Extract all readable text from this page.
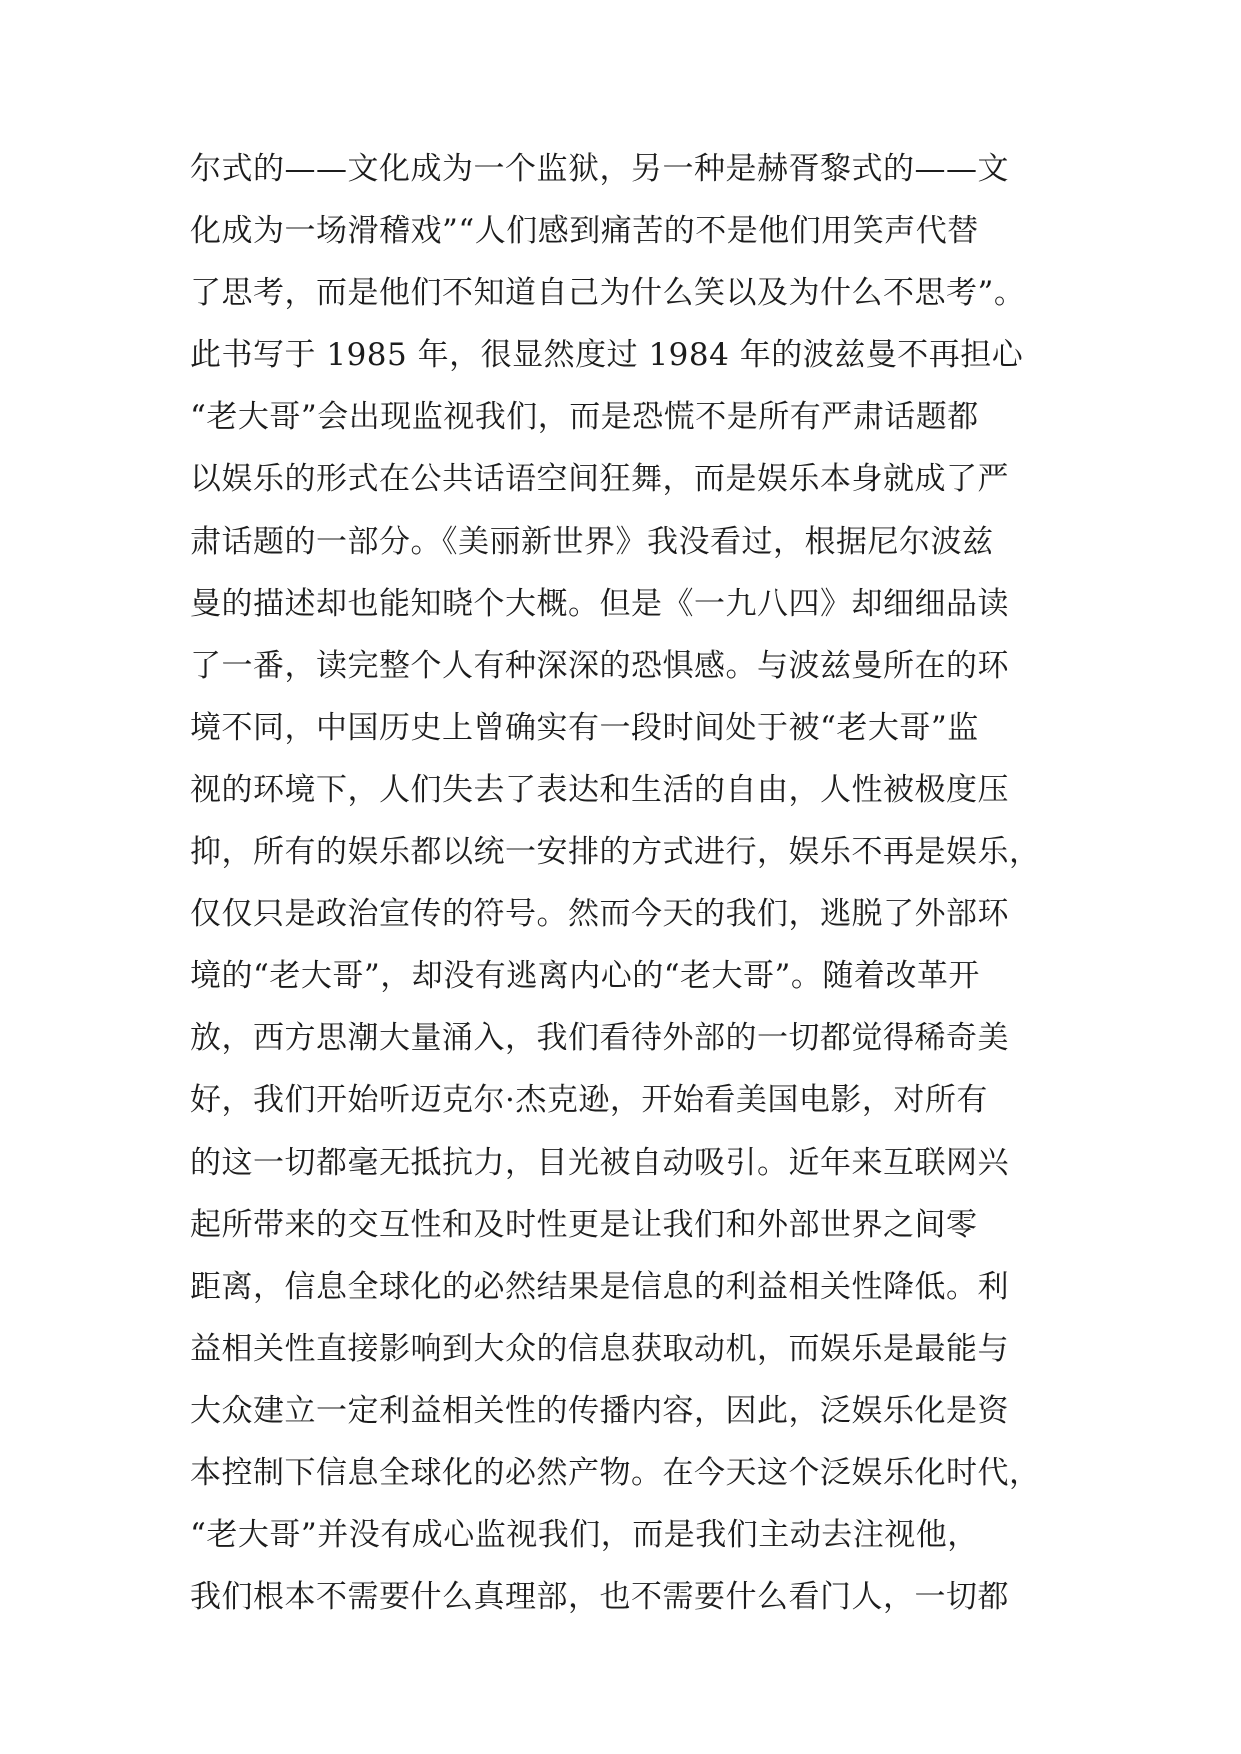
尔式的——文化成为一个监狱，另一种是赫胥黎式的——文
化成为一场滑稽戏”“人们感到痛苦的不是他们用笑声代替
了思考，而是他们不知道自己为什么笑以及为什么不思考”。
此书写于 1985 年，很显然度过 1984 年的波兹曼不再担心
“老大哥”会出现监视我们，而是恐慌不是所有严肃话题都
以娱乐的形式在公共话语空间狂舞，而是娱乐本身就成了严
肃话题的一部分。《美丽新世界》我没看过，根据尼尔波兹
曼的描述却也能知晓个大概。但是《一九八四》却细细品读
了一番，读完整个人有种深深的恐惧感。与波兹曼所在的环
境不同，中国历史上曾确实有一段时间处于被“老大哥”监
视的环境下，人们失去了表达和生活的自由，人性被极度压
抑，所有的娱乐都以统一安排的方式进行，娱乐不再是娱乐，
仅仅只是政治宣传的符号。然而今天的我们，逃脱了外部环
境的“老大哥”，却没有逃离内心的“老大哥”。随着改革开
放，西方思潮大量涌入，我们看待外部的一切都觉得稀奇美
好，我们开始听迈克尔·杰克逊，开始看美国电影，对所有
的这一切都毫无抵抗力，目光被自动吸引。近年来互联网兴
起所带来的交互性和及时性更是让我们和外部世界之间零
距离，信息全球化的必然结果是信息的利益相关性降低。利
益相关性直接影响到大众的信息获取动机，而娱乐是最能与
大众建立一定利益相关性的传播内容，因此，泛娱乐化是资
本控制下信息全球化的必然产物。在今天这个泛娱乐化时代，
“老大哥”并没有成心监视我们，而是我们主动去注视他，
我们根本不需要什么真理部，也不需要什么看门人，一切都
